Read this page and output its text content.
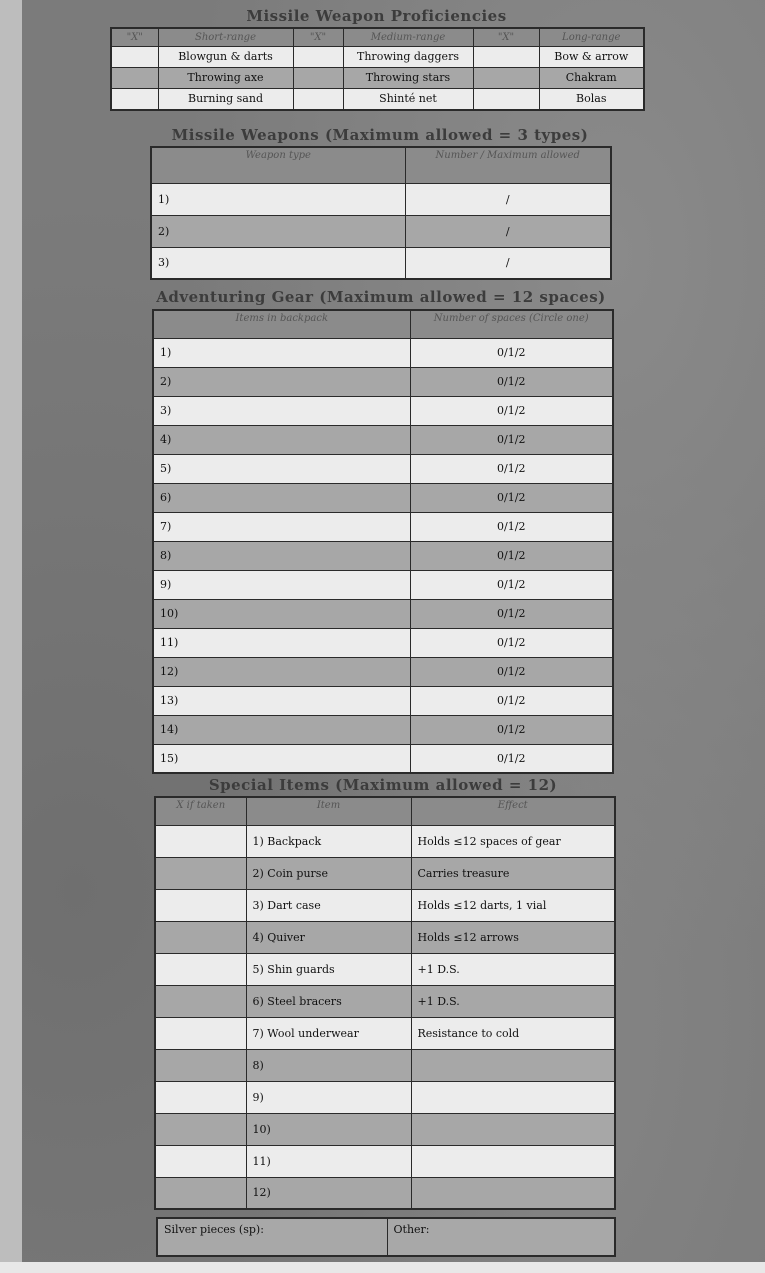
Missile Weapon Proficiencies
"X"	Short-range	"X"	Medium-range	"X"	Long-range
	Blowgun & darts		Throwing daggers		Bow & arrow
	Throwing axe		Throwing stars		Chakram
	Burning sand		Shinté net		Bolas
Missile Weapons (Maximum allowed = 3 types)
Weapon type	Number / Maximum allowed
1)	/
2)	/
3)	/
Adventuring Gear (Maximum allowed = 12 spaces)
Items in backpack	Number of spaces (Circle one)
1)	0/1/2
2)	0/1/2
3)	0/1/2
4)	0/1/2
5)	0/1/2
6)	0/1/2
7)	0/1/2
8)	0/1/2
9)	0/1/2
10)	0/1/2
11)	0/1/2
12)	0/1/2
13)	0/1/2
14)	0/1/2
15)	0/1/2
Special Items (Maximum allowed = 12)
X if taken	Item	Effect
	1) Backpack	Holds ≤12 spaces of gear
	2) Coin purse	Carries treasure
	3) Dart case	Holds ≤12 darts, 1 vial
	4) Quiver	Holds ≤12 arrows
	5) Shin guards	+1 D.S.
	6) Steel bracers	+1 D.S.
	7) Wool underwear	Resistance to cold
	8)	
	9)	
	10)	
	11)	
	12)	
Silver pieces (sp):	Other:
